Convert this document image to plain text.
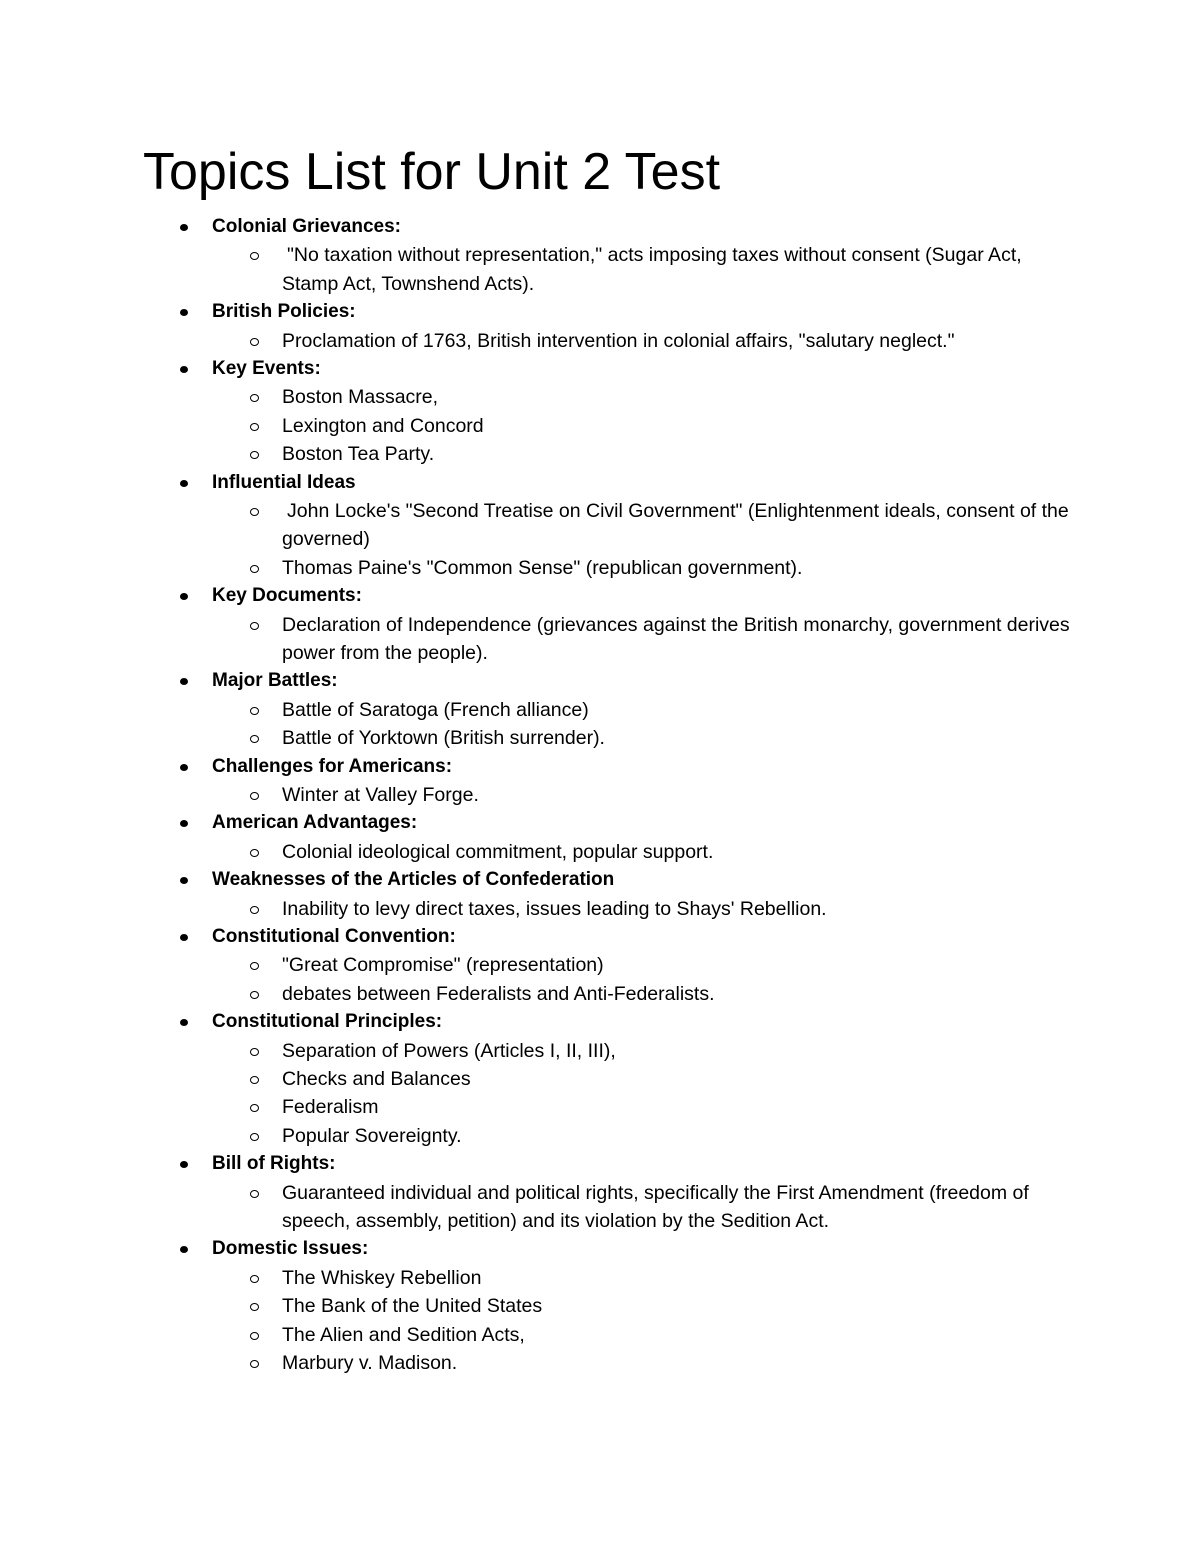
Topics List for Unit 2 Test
Colonial Grievances:
"No taxation without representation," acts imposing taxes without consent (Sugar Act, Stamp Act, Townshend Acts).
British Policies:
Proclamation of 1763, British intervention in colonial affairs, "salutary neglect."
Key Events:
Boston Massacre,
Lexington and Concord
Boston Tea Party.
Influential Ideas
John Locke's "Second Treatise on Civil Government" (Enlightenment ideals, consent of the governed)
Thomas Paine's "Common Sense" (republican government).
Key Documents:
Declaration of Independence (grievances against the British monarchy, government derives power from the people).
Major Battles:
Battle of Saratoga (French alliance)
Battle of Yorktown (British surrender).
Challenges for Americans:
Winter at Valley Forge.
American Advantages:
Colonial ideological commitment, popular support.
Weaknesses of the Articles of Confederation
Inability to levy direct taxes, issues leading to Shays' Rebellion.
Constitutional Convention:
"Great Compromise" (representation)
debates between Federalists and Anti-Federalists.
Constitutional Principles:
Separation of Powers (Articles I, II, III),
Checks and Balances
Federalism
Popular Sovereignty.
Bill of Rights:
Guaranteed individual and political rights, specifically the First Amendment (freedom of speech, assembly, petition) and its violation by the Sedition Act.
Domestic Issues:
The Whiskey Rebellion
The Bank of the United States
The Alien and Sedition Acts,
Marbury v. Madison.
